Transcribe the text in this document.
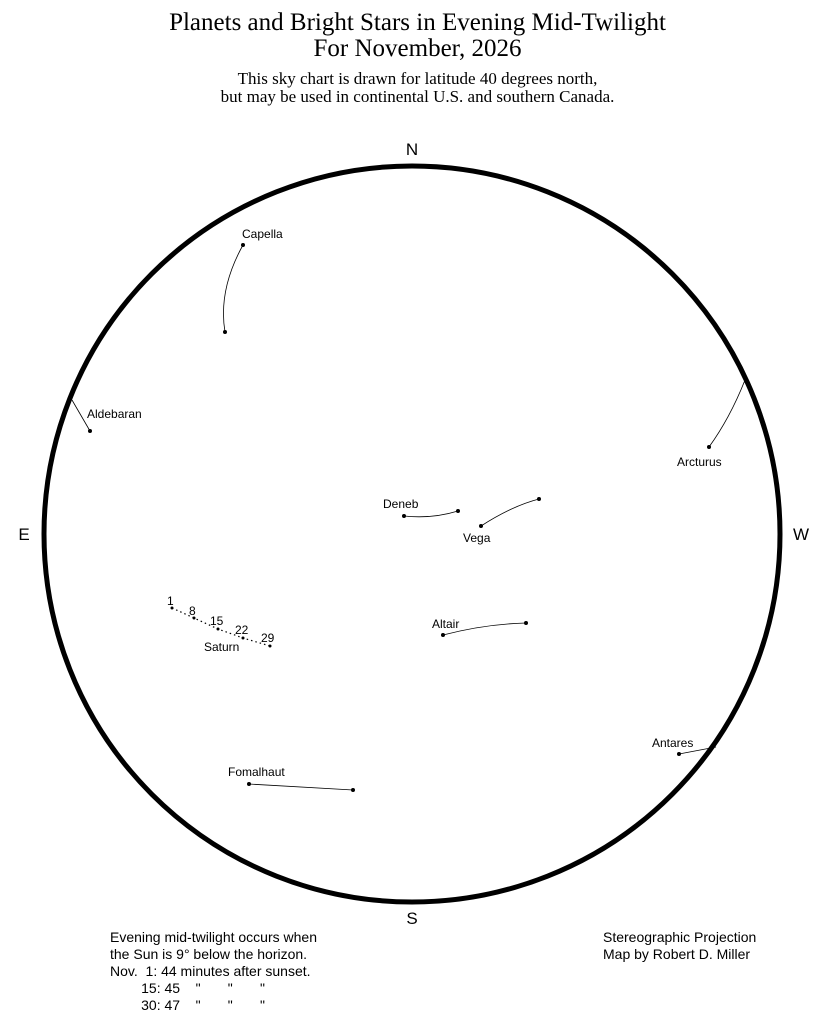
Planets and Bright Stars in Evening Mid-Twilight
For November, 2026
This sky chart is drawn for latitude 40 degrees north,
but may be used in continental U.S. and southern Canada.
N
S
E	W
Capella
Aldebaran
Arcturus
Deneb
Vega
Altair
Antares
Fomalhaut
1
8
15
22
29
Saturn
Evening mid-twilight occurs when
the Sun is 9° below the horizon.
Nov.  1: 44 minutes after sunset.
15: 45    "       "       "
30: 47    "       "       "
Stereographic Projection
Map by Robert D. Miller
